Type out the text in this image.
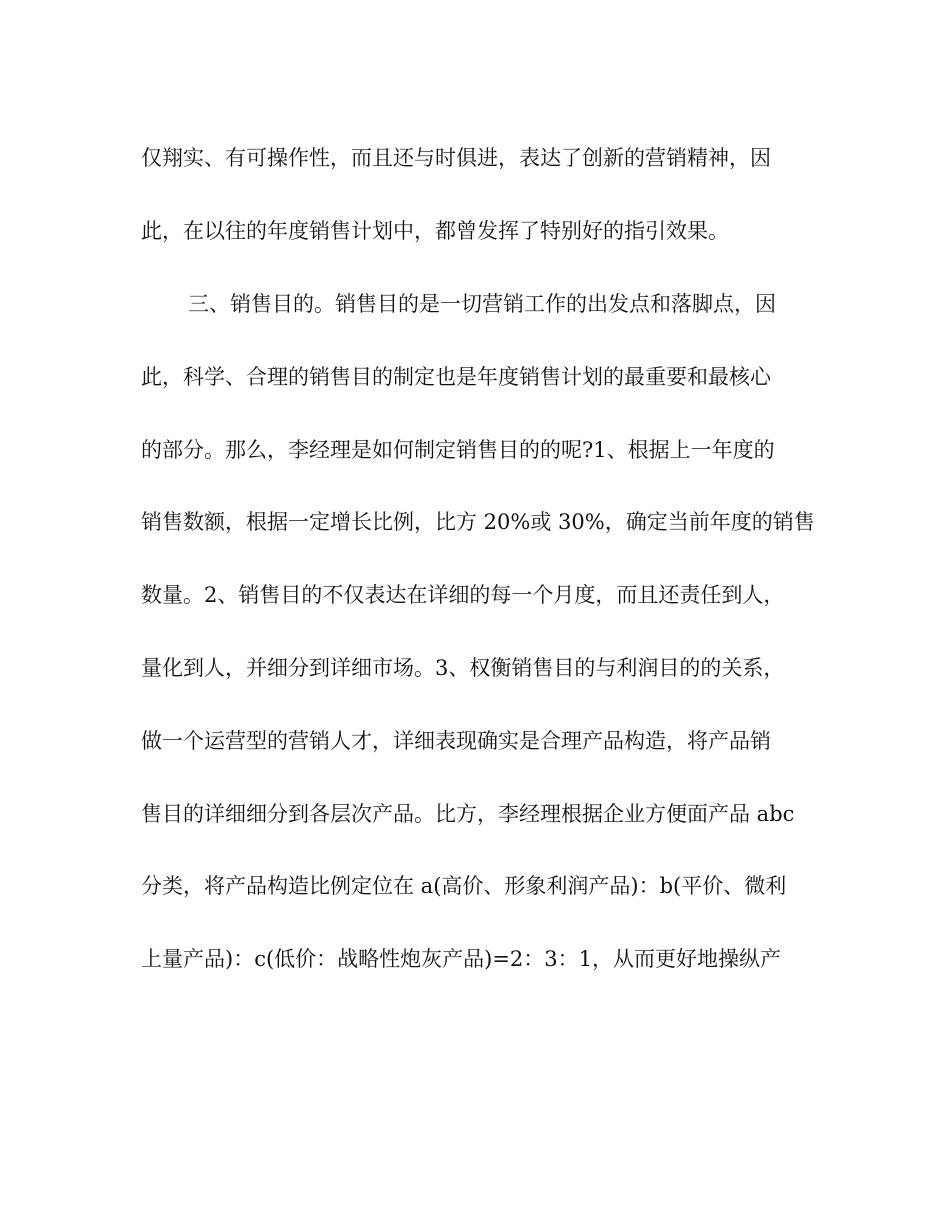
仅翔实、有可操作性，而且还与时俱进，表达了创新的营销精神，因
此，在以往的年度销售计划中，都曾发挥了特别好的指引效果。
三、销售目的。销售目的是一切营销工作的出发点和落脚点，因
此，科学、合理的销售目的制定也是年度销售计划的最重要和最核心
的部分。那么，李经理是如何制定销售目的的呢?1、根据上一年度的
销售数额，根据一定增长比例，比方 20%或 30%，确定当前年度的销售
数量。2、销售目的不仅表达在详细的每一个月度，而且还责任到人，
量化到人，并细分到详细市场。3、权衡销售目的与利润目的的关系，
做一个运营型的营销人才，详细表现确实是合理产品构造，将产品销
售目的详细细分到各层次产品。比方，李经理根据企业方便面产品 abc
分类，将产品构造比例定位在 a(高价、形象利润产品)：b(平价、微利
上量产品)：c(低价：战略性炮灰产品)=2：3：1，从而更好地操纵产
